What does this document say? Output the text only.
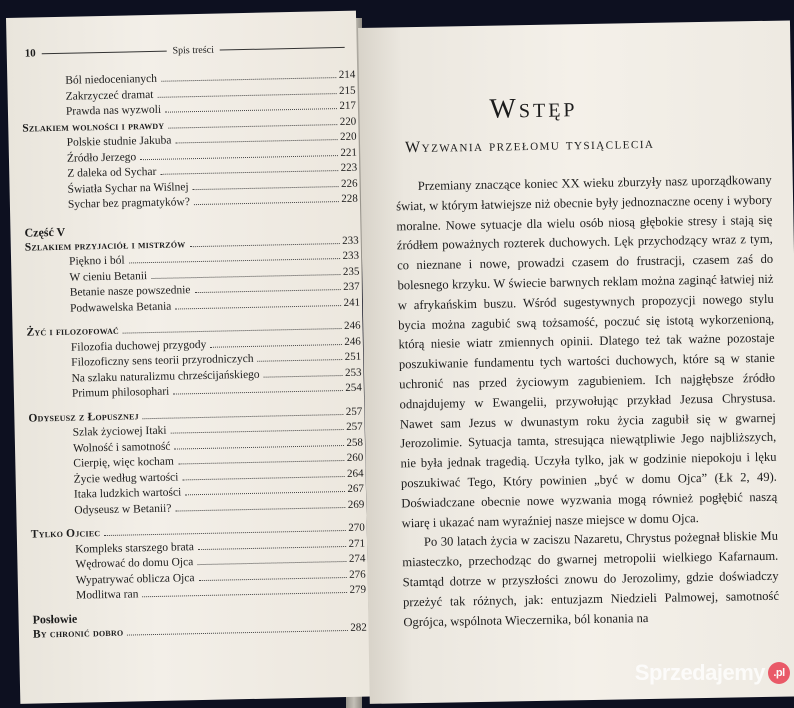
10	Spis treści
Ból niedocenianych	214
Zakrzyczeć dramat	215
Prawda nas wyzwoli	217
Szlakiem wolności i prawdy	220
Polskie studnie Jakuba	220
Źródło Jerzego	221
Z daleka od Sychar	223
Światła Sychar na Wiślnej	226
Sychar bez pragmatyków?	228
Część V
Szlakiem przyjaciół i mistrzów	233
Piękno i ból	233
W cieniu Betanii	235
Betanie nasze powszednie	237
Podwawelska Betania	241
Żyć i filozofować	246
Filozofia duchowej przygody	246
Filozoficzny sens teorii przyrodniczych	251
Na szlaku naturalizmu chrześcijańskiego	253
Primum philosophari	254
Odyseusz z Łopusznej	257
Szlak życiowej Itaki	257
Wolność i samotność	258
Cierpię, więc kocham	260
Życie według wartości	264
Itaka ludzkich wartości	267
Odyseusz w Betanii?	269
Tylko Ojciec	270
Kompleks starszego brata	271
Wędrować do domu Ojca	274
Wypatrywać oblicza Ojca	276
Modlitwa ran	279
Posłowie
By chronić dobro	282
Wstęp
Wyzwania przełomu tysiąclecia

Przemiany znaczące koniec XX wieku zburzyły nasz uporządkowany świat, w którym łatwiejsze niż obecnie były jednoznaczne oceny i wybory moralne. Nowe sytuacje dla wielu osób niosą głębokie stresy i stają się źródłem poważnych rozterek duchowych. Lęk przychodzący wraz z tym, co nieznane i nowe, prowadzi czasem do frustracji, czasem zaś do bolesnego krzyku. W świecie barwnych reklam można zaginąć łatwiej niż w afrykańskim buszu. Wśród sugestywnych propozycji nowego stylu bycia można zagubić swą tożsamość, poczuć się istotą wykorzenioną, którą niesie wiatr zmiennych opinii. Dlatego też tak ważne pozostaje poszukiwanie fundamentu tych wartości duchowych, które są w stanie uchronić nas przed życiowym zagubieniem. Ich najgłębsze źródło odnajdujemy w Ewangelii, przywołując przykład Jezusa Chrystusa. Nawet sam Jezus w dwunastym roku życia zagubił się w gwarnej Jerozolimie. Sytuacja tamta, stresująca niewątpliwie Jego najbliższych, nie była jednak tragedią. Uczyła tylko, jak w godzinie niepokoju i lęku poszukiwać Tego, Który powinien „być w domu Ojca” (Łk 2, 49). Doświadczane obecnie nowe wyzwania mogą również pogłębić naszą wiarę i ukazać nam wyraźniej nasze miejsce w domu Ojca.

Po 30 latach życia w zaciszu Nazaretu, Chrystus pożegnał bliskie Mu miasteczko, przechodząc do gwarnej metropolii wielkiego Kafarnaum. Stamtąd dotrze w przyszłości znowu do Jerozolimy, gdzie doświadczy przeżyć tak różnych, jak: entuzjazm Niedzieli Palmowej, samotność Ogrójca, wspólnota Wieczernika, ból konania na

Sprzedajemy .pl
